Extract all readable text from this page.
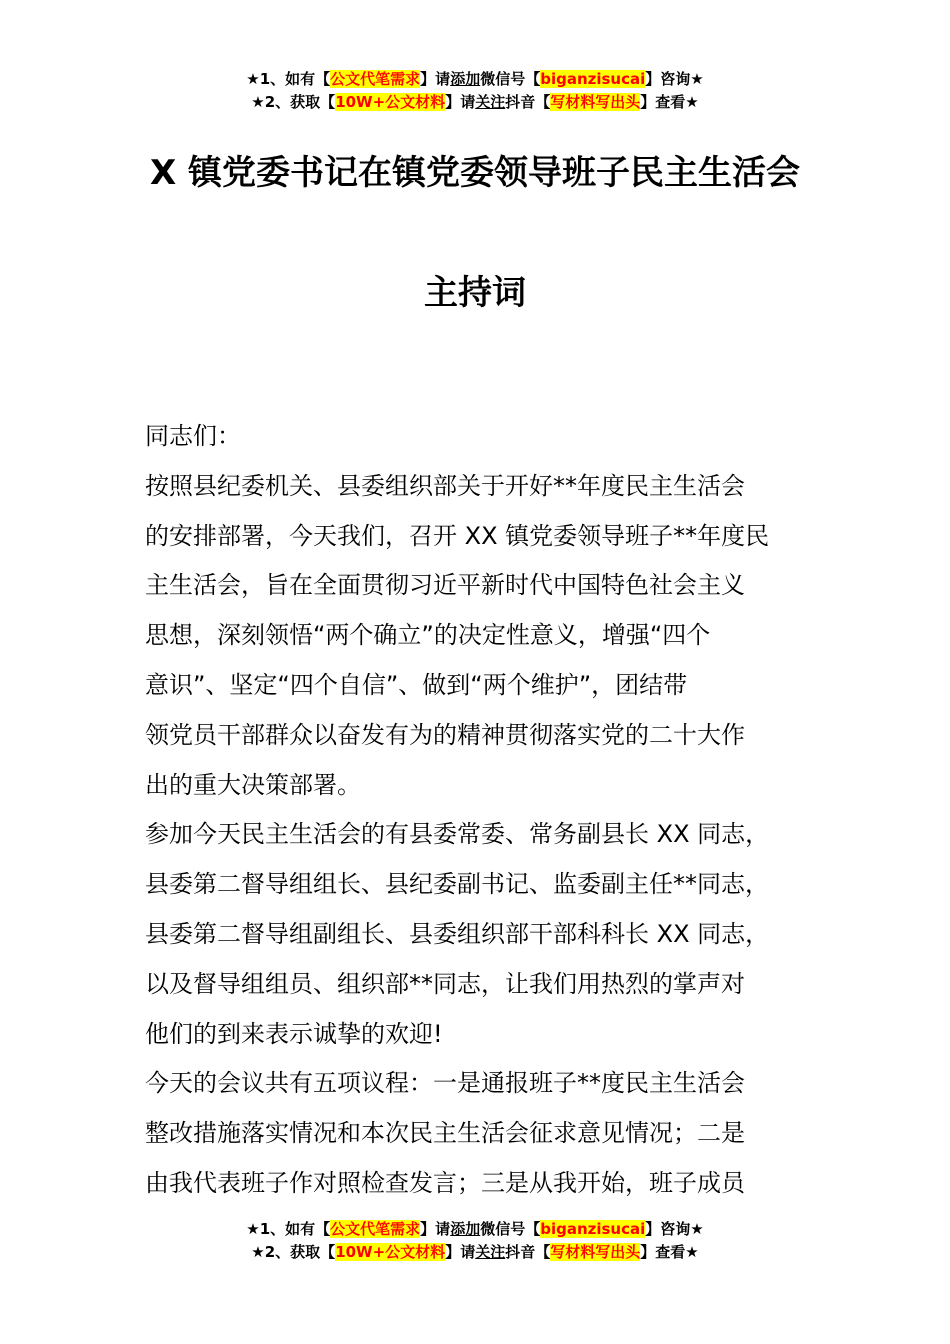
★1、如有【公文代笔需求】请添加微信号【biganzisucai】咨询★
★2、获取【10W+公文材料】请关注抖音【写材料写出头】查看★
X 镇党委书记在镇党委领导班子民主生活会
主持词
同志们：
按照县纪委机关、县委组织部关于开好**年度民主生活会
的安排部署，今天我们，召开 XX 镇党委领导班子**年度民
主生活会，旨在全面贯彻习近平新时代中国特色社会主义
思想，深刻领悟“两个确立”的决定性意义，增强“四个
意识”、坚定“四个自信”、做到“两个维护”，团结带
领党员干部群众以奋发有为的精神贯彻落实党的二十大作
出的重大决策部署。
参加今天民主生活会的有县委常委、常务副县长 XX 同志，
县委第二督导组组长、县纪委副书记、监委副主任**同志，
县委第二督导组副组长、县委组织部干部科科长 XX 同志，
以及督导组组员、组织部**同志，让我们用热烈的掌声对
他们的到来表示诚挚的欢迎!
今天的会议共有五项议程：一是通报班子**度民主生活会
整改措施落实情况和本次民主生活会征求意见情况；二是
由我代表班子作对照检查发言；三是从我开始，班子成员
★1、如有【公文代笔需求】请添加微信号【biganzisucai】咨询★
★2、获取【10W+公文材料】请关注抖音【写材料写出头】查看★
